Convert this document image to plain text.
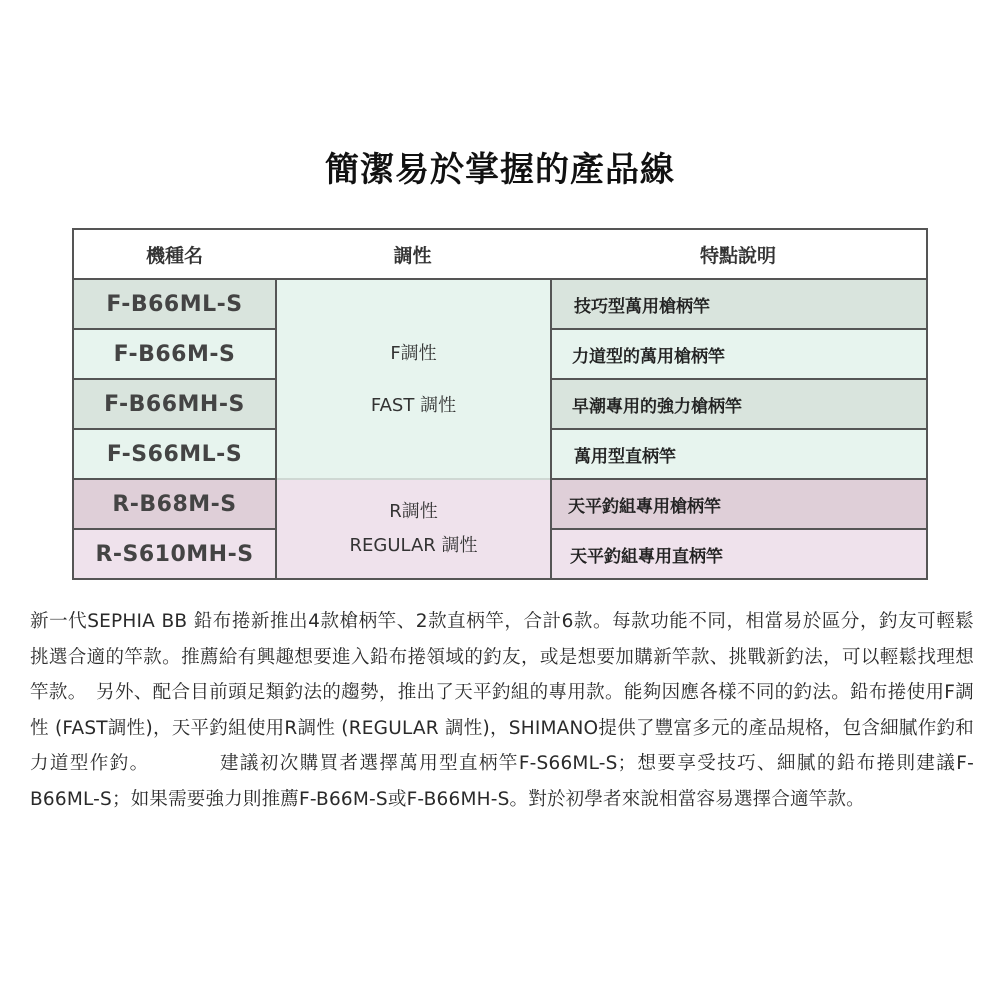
簡潔易於掌握的產品線
機種名	調性	特點說明
F-B66ML-S
F-B66M-S
F-B66MH-S
F-S66ML-S
R-B68M-S
R-S610MH-S
F調性
FAST 調性
R調性
REGULAR 調性
技巧型萬用槍柄竿
力道型的萬用槍柄竿
早潮專用的強力槍柄竿
萬用型直柄竿
天平釣組專用槍柄竿
天平釣組專用直柄竿

新一代SEPHIA BB 鉛布捲新推出4款槍柄竿、2款直柄竿，合計6款。每款功能不同，相當易於區分，釣友可輕鬆挑選合適的竿款。推薦給有興趣想要進入鉛布捲領域的釣友，或是想要加購新竿款、挑戰新釣法，可以輕鬆找理想竿款。　另外、配合目前頭足類釣法的趨勢，推出了天平釣組的專用款。能夠因應各樣不同的釣法。鉛布捲使用F調性 (FAST調性)，天平釣組使用R調性 (REGULAR 調性)，SHIMANO提供了豐富多元的產品規格，包含細膩作釣和力道型作釣。　　　　建議初次購買者選擇萬用型直柄竿F-S66ML-S；想要享受技巧、細膩的鉛布捲則建議F-B66ML-S；如果需要強力則推薦F-B66M-S或F-B66MH-S。對於初學者來說相當容易選擇合適竿款。
